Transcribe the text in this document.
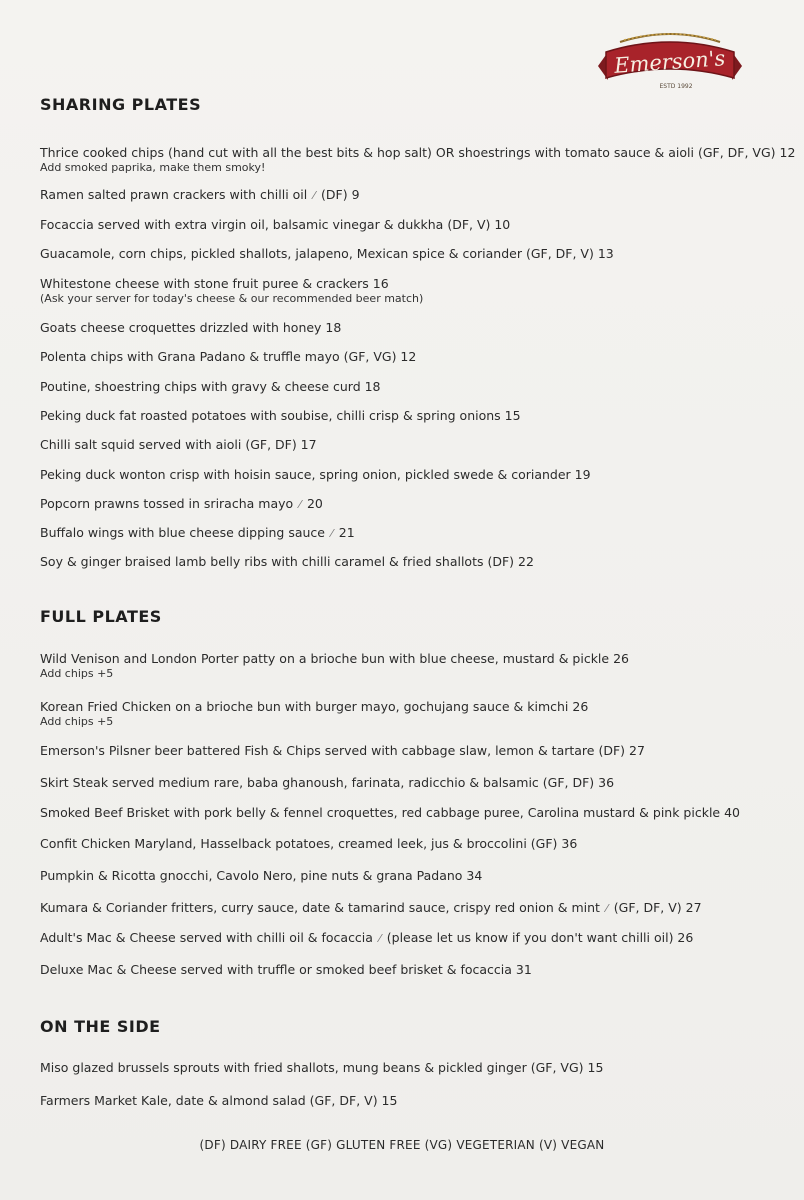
Emerson's
ESTD 1992
SHARING PLATES
Thrice cooked chips (hand cut with all the best bits & hop salt) OR shoestrings with tomato sauce & aioli (GF, DF, VG) 12
Add smoked paprika, make them smoky!
Ramen salted prawn crackers with chilli oil ⁄ (DF) 9
Focaccia served with extra virgin oil, balsamic vinegar & dukkha (DF, V) 10
Guacamole, corn chips, pickled shallots, jalapeno, Mexican spice & coriander (GF, DF, V) 13
Whitestone cheese with stone fruit puree & crackers 16
(Ask your server for today's cheese & our recommended beer match)
Goats cheese croquettes drizzled with honey 18
Polenta chips with Grana Padano & truffle mayo (GF, VG) 12
Poutine, shoestring chips with gravy & cheese curd 18
Peking duck fat roasted potatoes with soubise, chilli crisp & spring onions 15
Chilli salt squid served with aioli (GF, DF) 17
Peking duck wonton crisp with hoisin sauce, spring onion, pickled swede & coriander 19
Popcorn prawns tossed in sriracha mayo ⁄ 20
Buffalo wings with blue cheese dipping sauce ⁄ 21
Soy & ginger braised lamb belly ribs with chilli caramel & fried shallots (DF) 22
FULL PLATES
Wild Venison and London Porter patty on a brioche bun with blue cheese, mustard & pickle 26
Add chips +5
Korean Fried Chicken on a brioche bun with burger mayo, gochujang sauce & kimchi 26
Add chips +5
Emerson's Pilsner beer battered Fish & Chips served with cabbage slaw, lemon & tartare (DF) 27
Skirt Steak served medium rare, baba ghanoush, farinata, radicchio & balsamic (GF, DF) 36
Smoked Beef Brisket with pork belly & fennel croquettes, red cabbage puree, Carolina mustard & pink pickle 40
Confit Chicken Maryland, Hasselback potatoes, creamed leek, jus & broccolini (GF) 36
Pumpkin & Ricotta gnocchi, Cavolo Nero, pine nuts & grana Padano 34
Kumara & Coriander fritters, curry sauce, date & tamarind sauce, crispy red onion & mint ⁄ (GF, DF, V) 27
Adult's Mac & Cheese served with chilli oil & focaccia ⁄ (please let us know if you don't want chilli oil) 26
Deluxe Mac & Cheese served with truffle or smoked beef brisket & focaccia 31
ON THE SIDE
Miso glazed brussels sprouts with fried shallots, mung beans & pickled ginger (GF, VG) 15
Farmers Market Kale, date & almond salad (GF, DF, V) 15
(DF) DAIRY FREE (GF) GLUTEN FREE (VG) VEGETERIAN (V) VEGAN
